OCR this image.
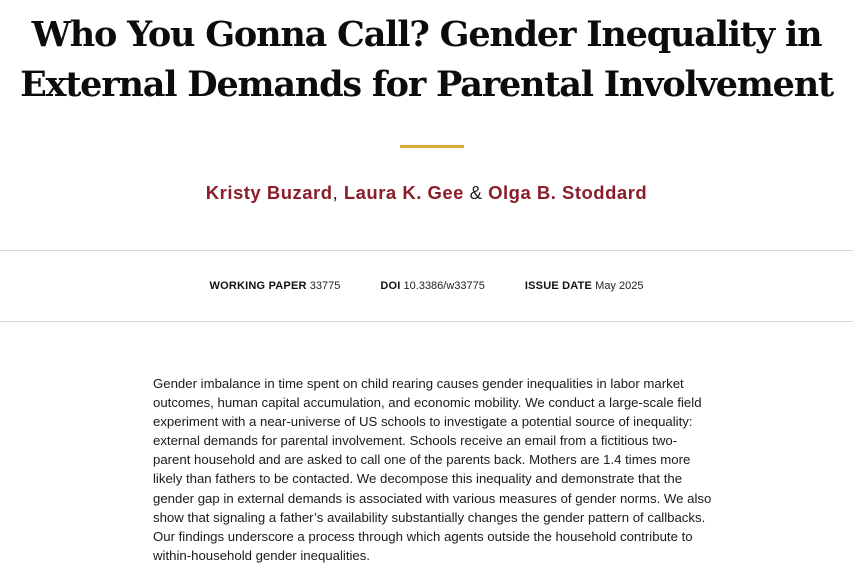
Who You Gonna Call? Gender Inequality in
External Demands for Parental Involvement
Kristy Buzard, Laura K. Gee & Olga B. Stoddard
WORKING PAPER 33775	DOI 10.3386/w33775	ISSUE DATE May 2025

Gender imbalance in time spent on child rearing causes gender inequalities in labor market outcomes, human capital accumulation, and economic mobility. We conduct a large-scale field experiment with a near-universe of US schools to investigate a potential source of inequality: external demands for parental involvement. Schools receive an email from a fictitious two-parent household and are asked to call one of the parents back. Mothers are 1.4 times more likely than fathers to be contacted. We decompose this inequality and demonstrate that the gender gap in external demands is associated with various measures of gender norms. We also show that signaling a father’s availability substantially changes the gender pattern of callbacks. Our findings underscore a process through which agents outside the household contribute to within-household gender inequalities.
